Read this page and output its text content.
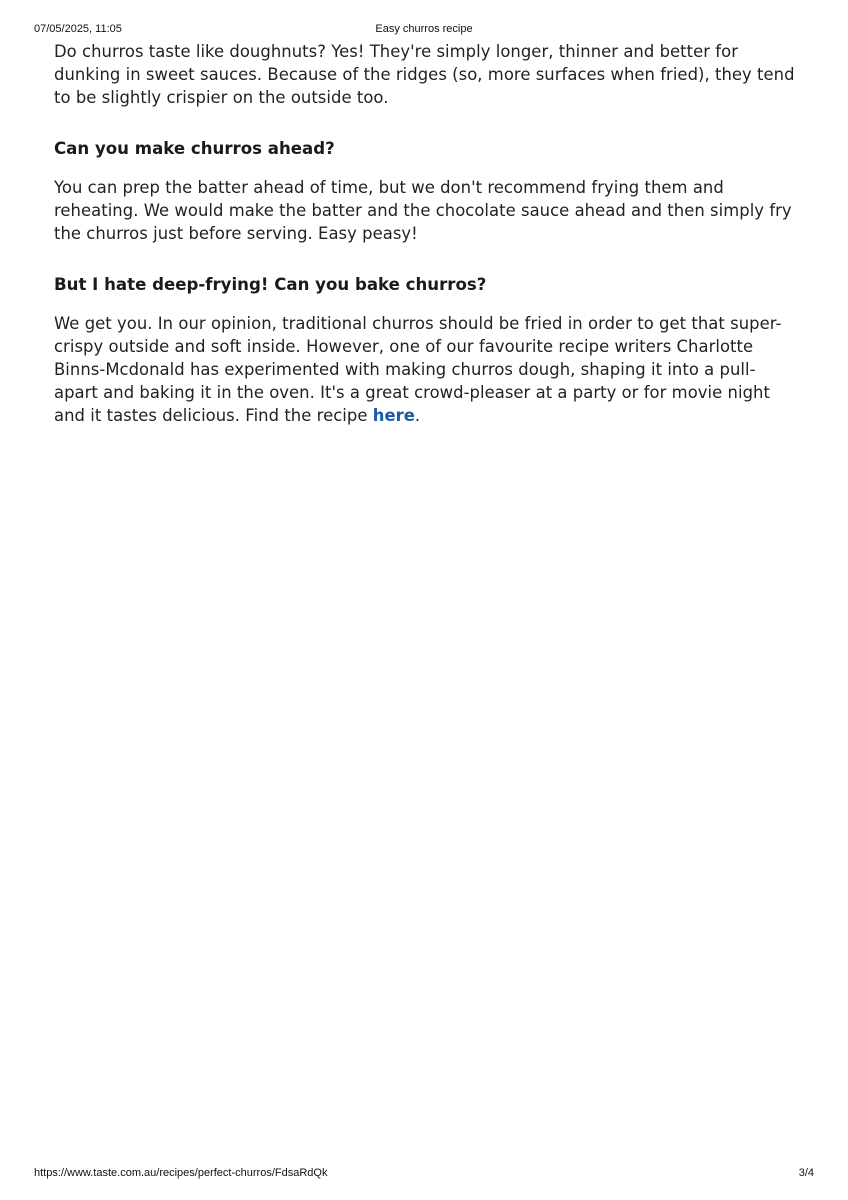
07/05/2025, 11:05	Easy churros recipe

Do churros taste like doughnuts? Yes! They're simply longer, thinner and better for dunking in sweet sauces. Because of the ridges (so, more surfaces when fried), they tend to be slightly crispier on the outside too.

Can you make churros ahead?

You can prep the batter ahead of time, but we don't recommend frying them and reheating. We would make the batter and the chocolate sauce ahead and then simply fry the churros just before serving. Easy peasy!

But I hate deep-frying! Can you bake churros?

We get you. In our opinion, traditional churros should be fried in order to get that super-crispy outside and soft inside. However, one of our favourite recipe writers Charlotte Binns-Mcdonald has experimented with making churros dough, shaping it into a pull-apart and baking it in the oven. It's a great crowd-pleaser at a party or for movie night and it tastes delicious. Find the recipe here.

https://www.taste.com.au/recipes/perfect-churros/FdsaRdQk	3/4
